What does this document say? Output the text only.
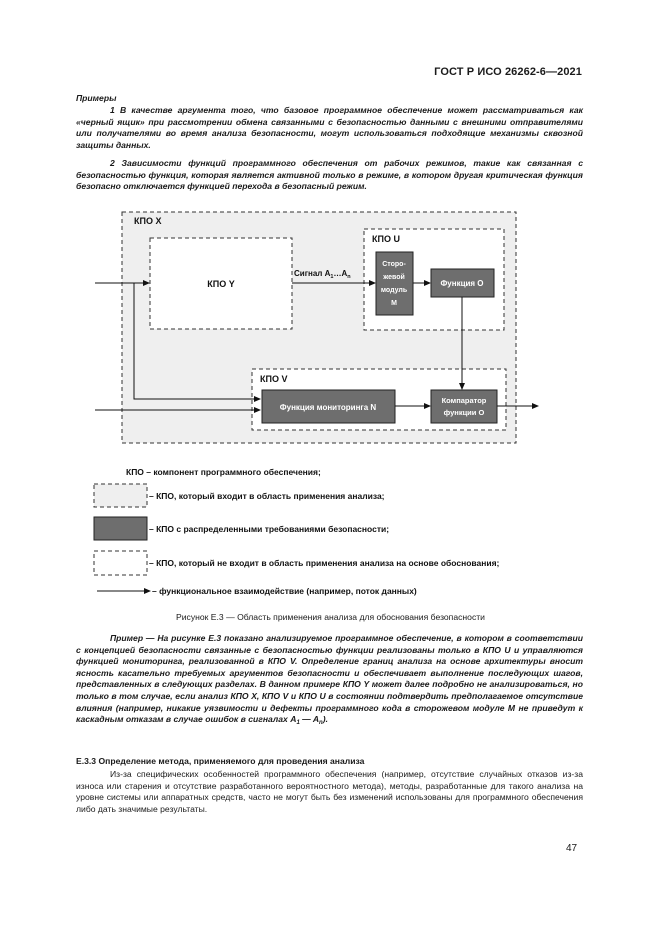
ГОСТ Р ИСО 26262-6—2021
Примеры
1 В качестве аргумента того, что базовое программное обеспечение может рассматриваться как «черный ящик» при рассмотрении обмена связанными с безопасностью данными с внешними отправителями или получателями во время анализа безопасности, могут использоваться подходящие механизмы сквозной защиты данных.
2 Зависимости функций программного обеспечения от рабочих режимов, такие как связанная с безопасностью функция, которая является активной только в режиме, в котором другая критическая функция безопасно отключается функцией перехода в безопасный режим.
КПО X
КПО Y
КПО U
Сторо-
жевой
модуль
M
Функция O
КПО V
Функция мониторинга N
Компаратор
функции O
Сигнал $A_1\dots A_n$
КПО – компонент программного обеспечения;
– КПО, который входит в область применения анализа;
– КПО с распределенными требованиями безопасности;
– КПО, который не входит в область применения анализа на основе обоснования;
– функциональное взаимодействие (например, поток данных)
Рисунок Е.3 — Область применения анализа для обоснования безопасности
Пример — На рисунке Е.3 показано анализируемое программное обеспечение, в котором в соответствии с концепцией безопасности связанные с безопасностью функции реализованы только в КПО U и управляются функцией мониторинга, реализованной в КПО V. Определение границ анализа на основе архитектуры вносит ясность касательно требуемых аргументов безопасности и обеспечивает выполнение последующих шагов, представленных в следующих разделах. В данном примере КПО Y может далее подробно не анализироваться, но только в том случае, если анализ КПО X, КПО V и КПО U в состоянии подтвердить предполагаемое отсутствие влияния (например, никакие уязвимости и дефекты программного кода в сторожевом модуле M не приведут к каскадным отказам в случае ошибок в сигналах $A_1$ — $A_n$).
Е.3.3 Определение метода, применяемого для проведения анализа
Из-за специфических особенностей программного обеспечения (например, отсутствие случайных отказов из-за износа или старения и отсутствие разработанного вероятностного метода), методы, разработанные для такого анализа на уровне системы или аппаратных средств, часто не могут быть без изменений использованы для программного обеспечения либо дать значимые результаты.
47
